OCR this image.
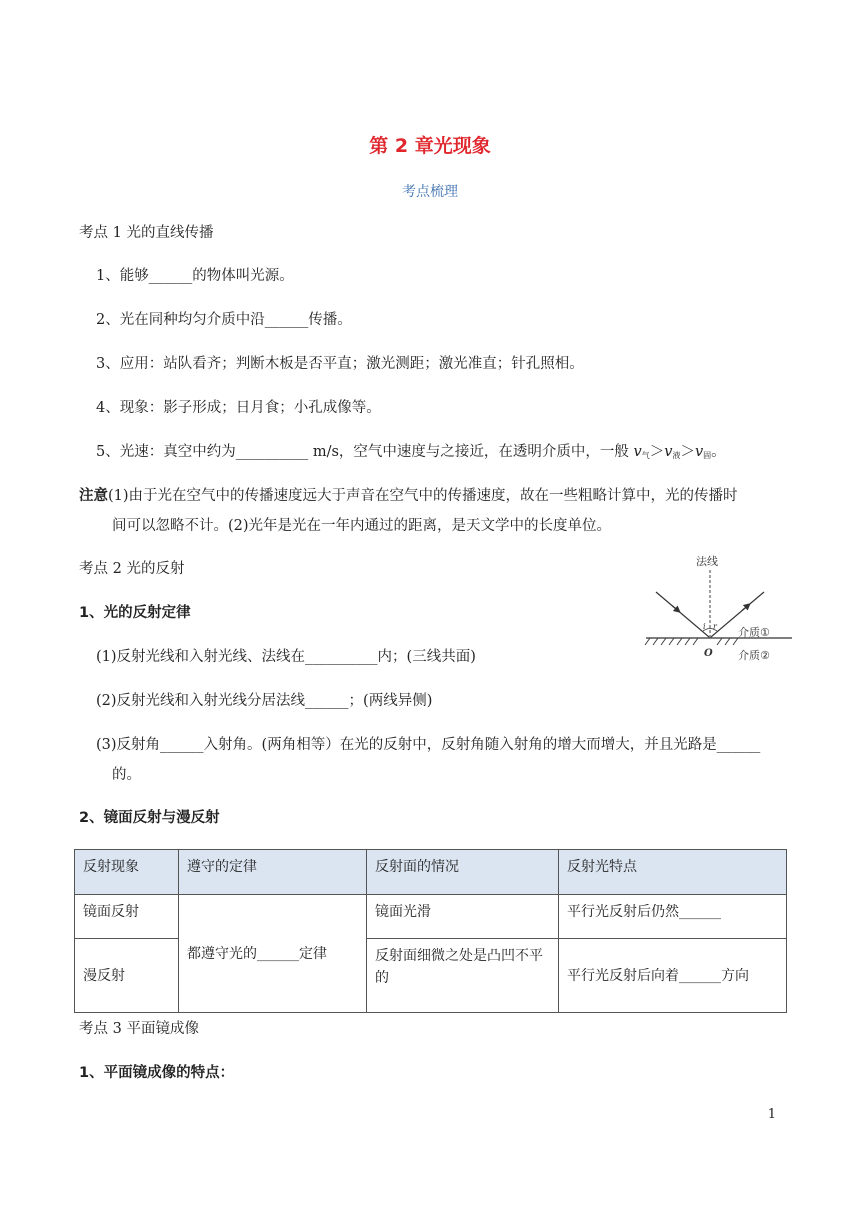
第 2 章光现象
考点梳理
考点 1 光的直线传播
1、能够______的物体叫光源。
2、光在同种均匀介质中沿______传播。
3、应用：站队看齐；判断木板是否平直；激光测距；激光准直；针孔照相。
4、现象：影子形成；日月食；小孔成像等。
5、光速：真空中约为__________ m/s，空气中速度与之接近，在透明介质中，一般 $v_气>v_液>v_固$。
注意(1)由于光在空气中的传播速度远大于声音在空气中的传播速度，故在一些粗略计算中，光的传播时
间可以忽略不计。(2)光年是光在一年内通过的距离，是天文学中的长度单位。
考点 2 光的反射
1、光的反射定律
(1)反射光线和入射光线、法线在__________内；(三线共面)
(2)反射光线和入射光线分居法线______；(两线异侧)
(3)反射角______入射角。(两角相等）在光的反射中，反射角随入射角的增大而增大，并且光路是______
的。
2、镜面反射与漫反射
法线
i r
O
介质①
介质②
反射现象	遵守的定律	反射面的情况	反射光特点
镜面反射	都遵守光的______定律	镜面光滑	平行光反射后仍然______
漫反射		反射面细微之处是凸凹不平的	平行光反射后向着______方向
考点 3 平面镜成像
1、平面镜成像的特点：
1
